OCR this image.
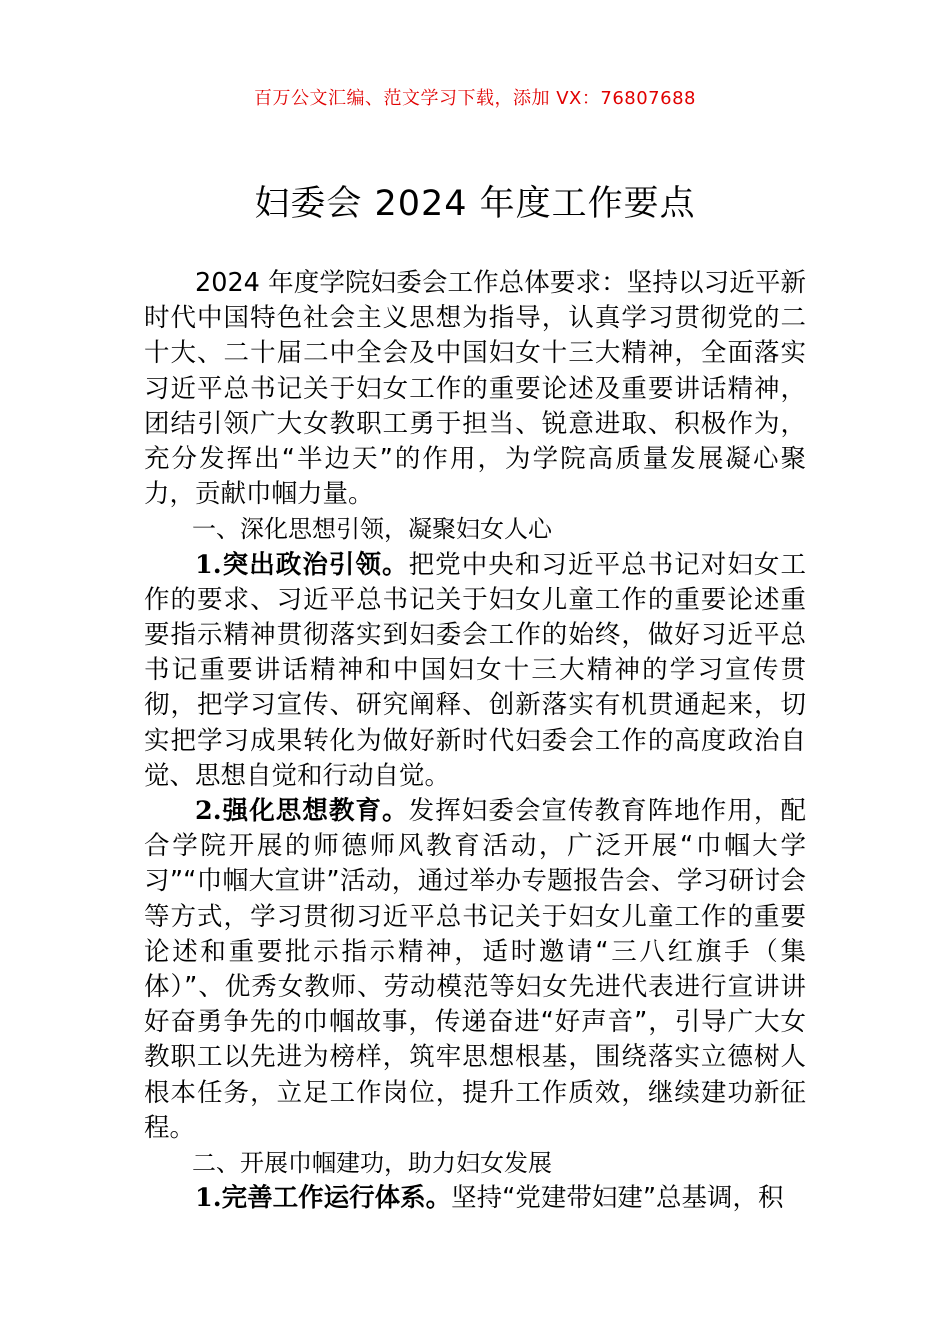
百万公文汇编、范文学习下载，添加 VX：76807688
妇委会 2024 年度工作要点

2024 年度学院妇委会工作总体要求：坚持以习近平新时代中国特色社会主义思想为指导，认真学习贯彻党的二十大、二十届二中全会及中国妇女十三大精神，全面落实习近平总书记关于妇女工作的重要论述及重要讲话精神，团结引领广大女教职工勇于担当、锐意进取、积极作为，充分发挥出“半边天”的作用，为学院高质量发展凝心聚力，贡献巾帼力量。

一、深化思想引领，凝聚妇女人心

1.突出政治引领。把党中央和习近平总书记对妇女工作的要求、习近平总书记关于妇女儿童工作的重要论述重要指示精神贯彻落实到妇委会工作的始终，做好习近平总书记重要讲话精神和中国妇女十三大精神的学习宣传贯彻，把学习宣传、研究阐释、创新落实有机贯通起来，切实把学习成果转化为做好新时代妇委会工作的高度政治自觉、思想自觉和行动自觉。

2.强化思想教育。发挥妇委会宣传教育阵地作用，配合学院开展的师德师风教育活动，广泛开展“巾帼大学习”“巾帼大宣讲”活动，通过举办专题报告会、学习研讨会等方式，学习贯彻习近平总书记关于妇女儿童工作的重要论述和重要批示指示精神，适时邀请“三八红旗手（集体）”、优秀女教师、劳动模范等妇女先进代表进行宣讲讲好奋勇争先的巾帼故事，传递奋进“好声音”，引导广大女教职工以先进为榜样，筑牢思想根基，围绕落实立德树人根本任务，立足工作岗位，提升工作质效，继续建功新征程。

二、开展巾帼建功，助力妇女发展

1.完善工作运行体系。坚持“党建带妇建”总基调，积
